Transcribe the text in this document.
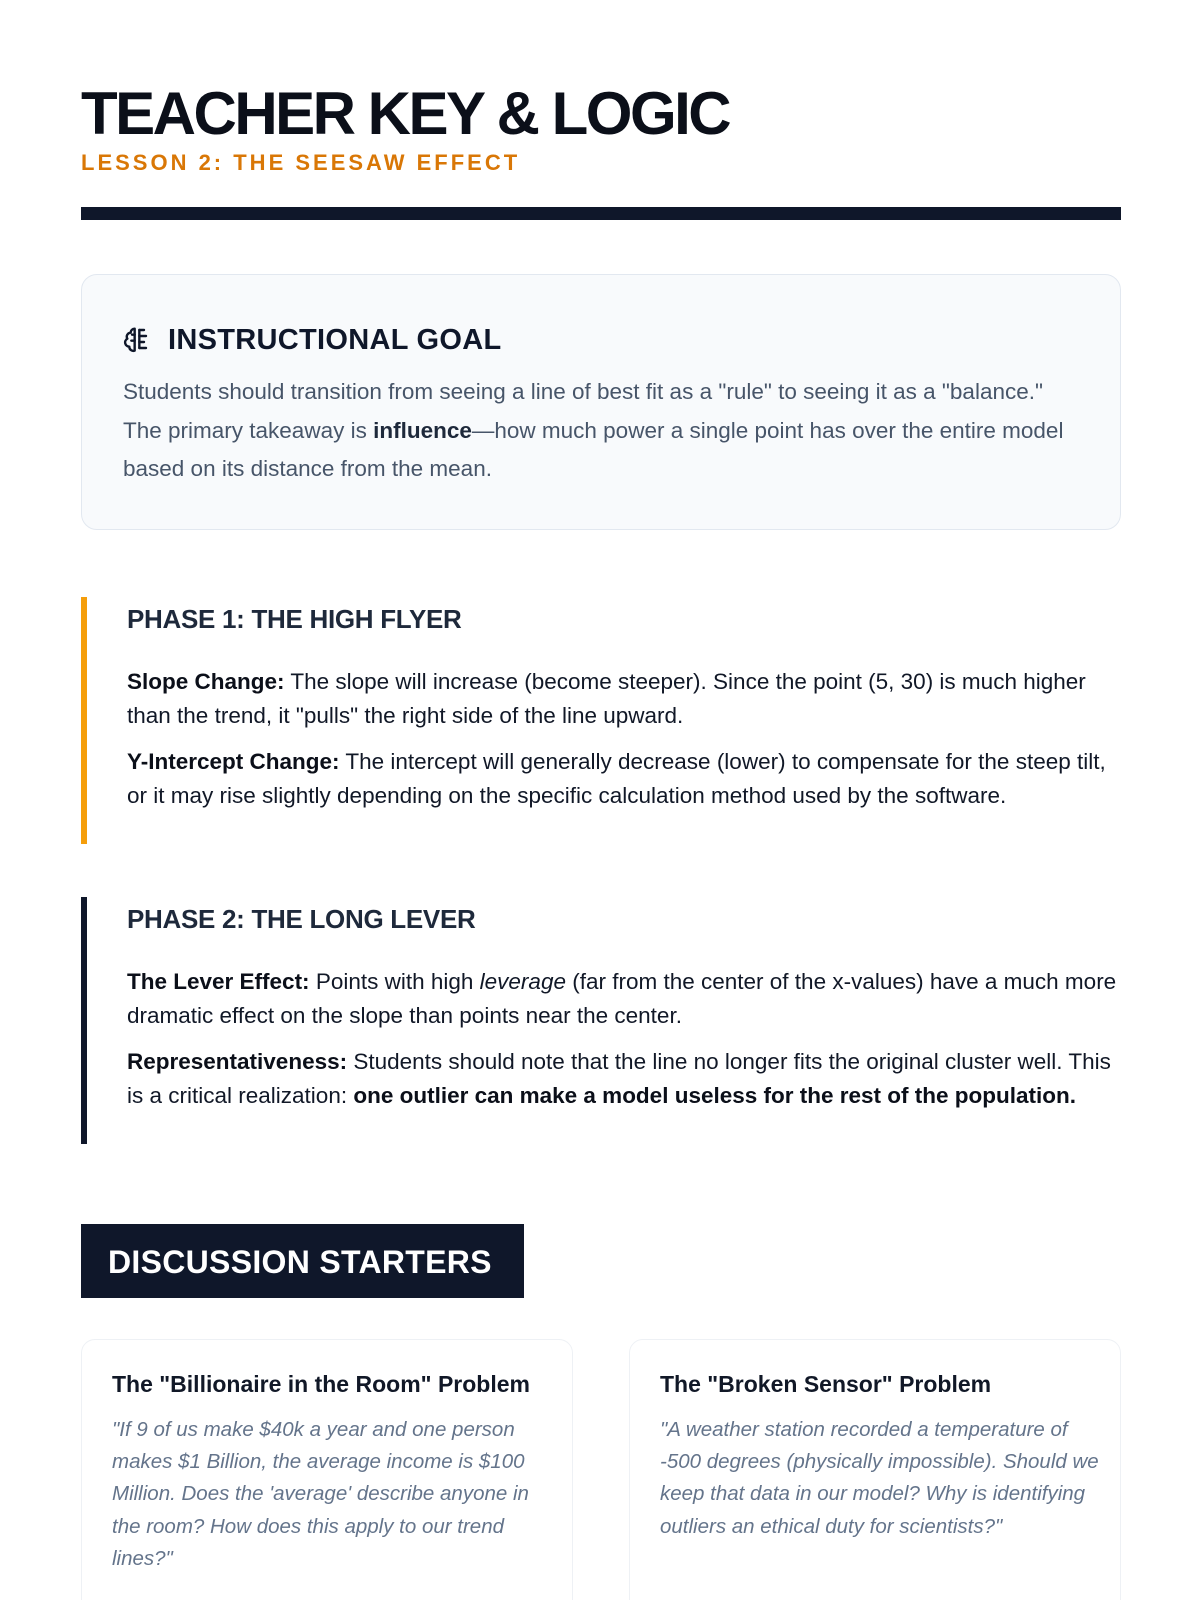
TEACHER KEY & LOGIC
LESSON 2: THE SEESAW EFFECT
INSTRUCTIONAL GOAL

Students should transition from seeing a line of best fit as a "rule" to seeing it as a "balance." The primary takeaway is influence—how much power a single point has over the entire model based on its distance from the mean.

PHASE 1: THE HIGH FLYER

Slope Change: The slope will increase (become steeper). Since the point (5, 30) is much higher than the trend, it "pulls" the right side of the line upward.

Y-Intercept Change: The intercept will generally decrease (lower) to compensate for the steep tilt, or it may rise slightly depending on the specific calculation method used by the software.

PHASE 2: THE LONG LEVER

The Lever Effect: Points with high leverage (far from the center of the x-values) have a much more dramatic effect on the slope than points near the center.

Representativeness: Students should note that the line no longer fits the original cluster well. This is a critical realization: one outlier can make a model useless for the rest of the population.

DISCUSSION STARTERS
The "Billionaire in the Room" Problem

"If 9 of us make $40k a year and one person makes $1 Billion, the average income is $100 Million. Does the 'average' describe anyone in the room? How does this apply to our trend lines?"

The "Broken Sensor" Problem

"A weather station recorded a temperature of -500 degrees (physically impossible). Should we keep that data in our model? Why is identifying outliers an ethical duty for scientists?"
